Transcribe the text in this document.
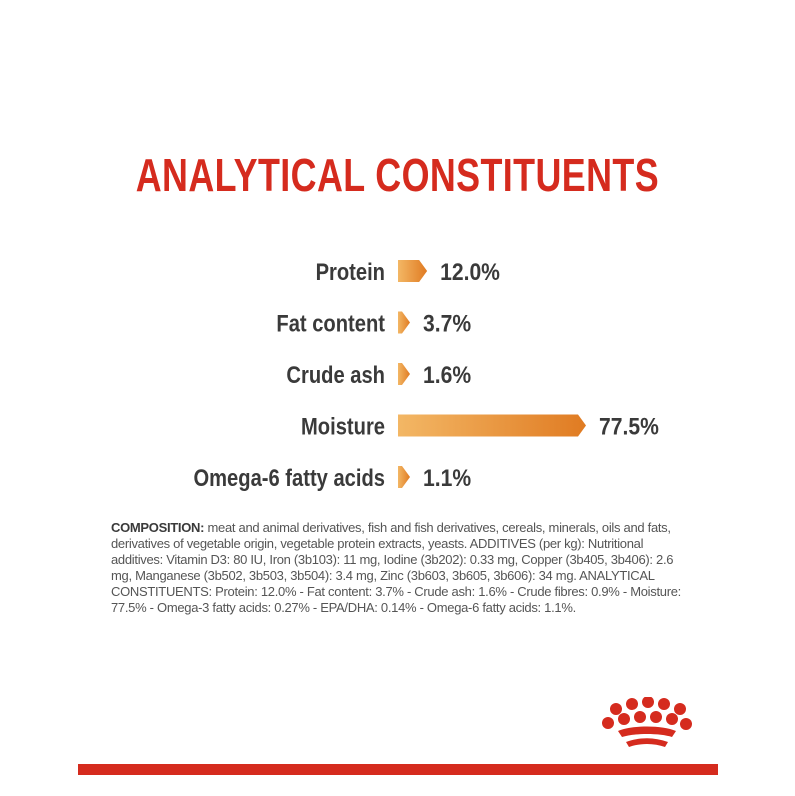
ANALYTICAL CONSTITUENTS
Protein 12.0%
Fat content 3.7%
Crude ash 1.6%
Moisture	77.5%
Omega-6 fatty acids 1.1%
COMPOSITION: meat and animal derivatives, fish and fish derivatives, cereals, minerals, oils and fats, derivatives of vegetable origin, vegetable protein extracts, yeasts. ADDITIVES (per kg): Nutritional additives: Vitamin D3: 80 IU, Iron (3b103): 11 mg, Iodine (3b202): 0.33 mg, Copper (3b405, 3b406): 2.6 mg, Manganese (3b502, 3b503, 3b504): 3.4 mg, Zinc (3b603, 3b605, 3b606): 34 mg. ANALYTICAL CONSTITUENTS: Protein: 12.0% - Fat content: 3.7% - Crude ash: 1.6% - Crude fibres: 0.9% - Moisture: 77.5% - Omega-3 fatty acids: 0.27% - EPA/DHA: 0.14% - Omega-6 fatty acids: 1.1%.
